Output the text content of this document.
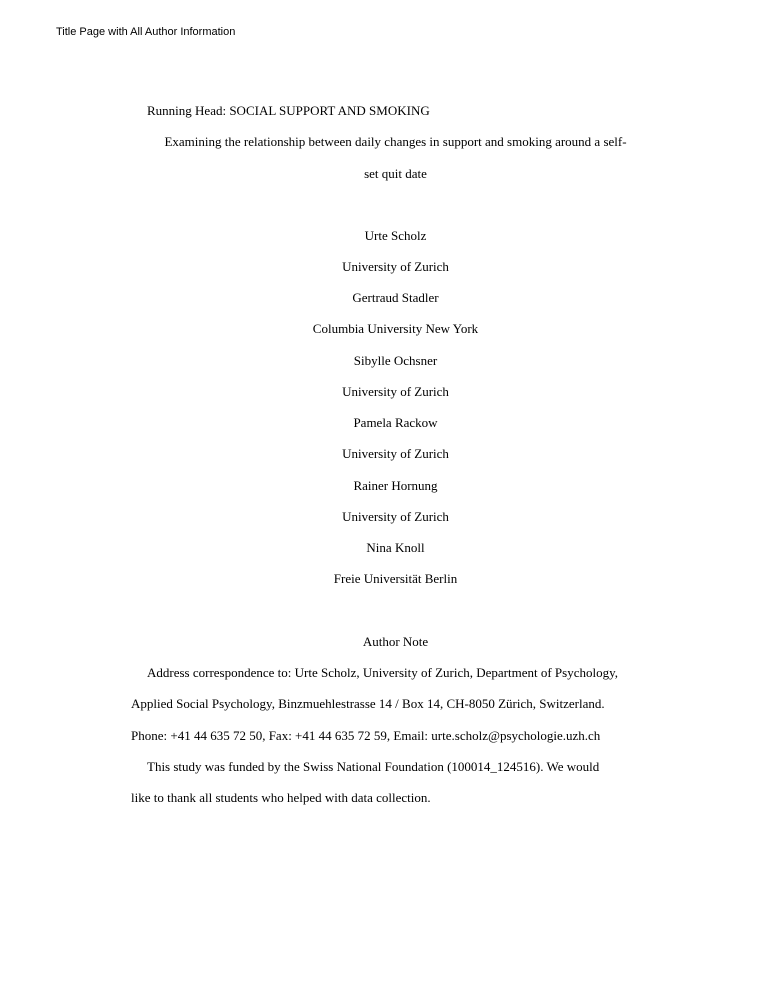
Title Page with All Author Information
Running Head: SOCIAL SUPPORT AND SMOKING
Examining the relationship between daily changes in support and smoking around a self-
set quit date
Urte Scholz
University of Zurich
Gertraud Stadler
Columbia University New York
Sibylle Ochsner
University of Zurich
Pamela Rackow
University of Zurich
Rainer Hornung
University of Zurich
Nina Knoll
Freie Universität Berlin
Author Note
Address correspondence to: Urte Scholz, University of Zurich, Department of Psychology,
Applied Social Psychology, Binzmuehlestrasse 14 / Box 14, CH-8050 Zürich, Switzerland.
Phone: +41 44 635 72 50, Fax: +41 44 635 72 59, Email: urte.scholz@psychologie.uzh.ch
This study was funded by the Swiss National Foundation (100014_124516). We would
like to thank all students who helped with data collection.
